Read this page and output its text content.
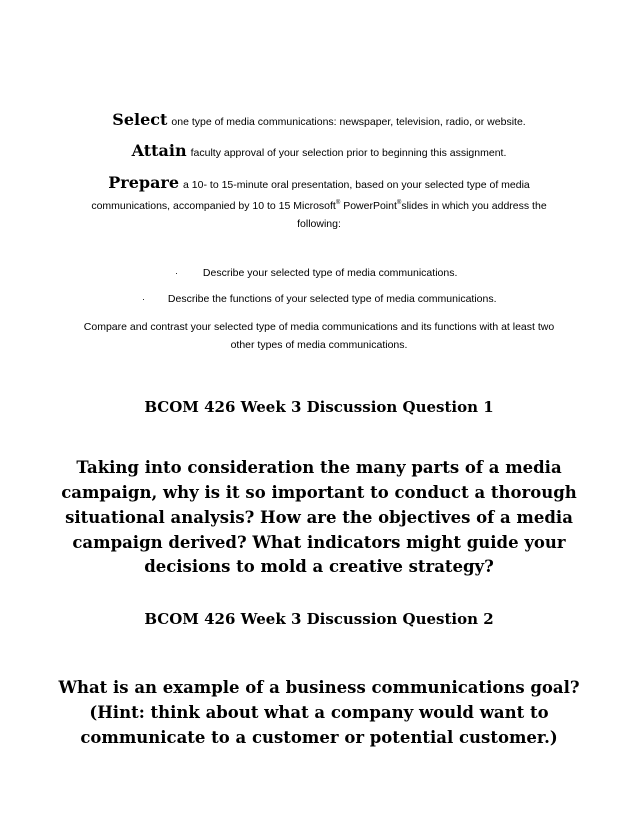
Select one type of media communications: newspaper, television, radio, or website.
Attain faculty approval of your selection prior to beginning this assignment.
Prepare a 10- to 15-minute oral presentation, based on your selected type of media
communications, accompanied by 10 to 15 Microsoft® PowerPoint®slides in which you address the
following:
· Describe your selected type of media communications.
· Describe the functions of your selected type of media communications.
Compare and contrast your selected type of media communications and its functions with at least two
other types of media communications.
BCOM 426 Week 3 Discussion Question 1
Taking into consideration the many parts of a media
campaign, why is it so important to conduct a thorough
situational analysis? How are the objectives of a media
campaign derived? What indicators might guide your
decisions to mold a creative strategy?
BCOM 426 Week 3 Discussion Question 2
What is an example of a business communications goal?
(Hint: think about what a company would want to
communicate to a customer or potential customer.)
